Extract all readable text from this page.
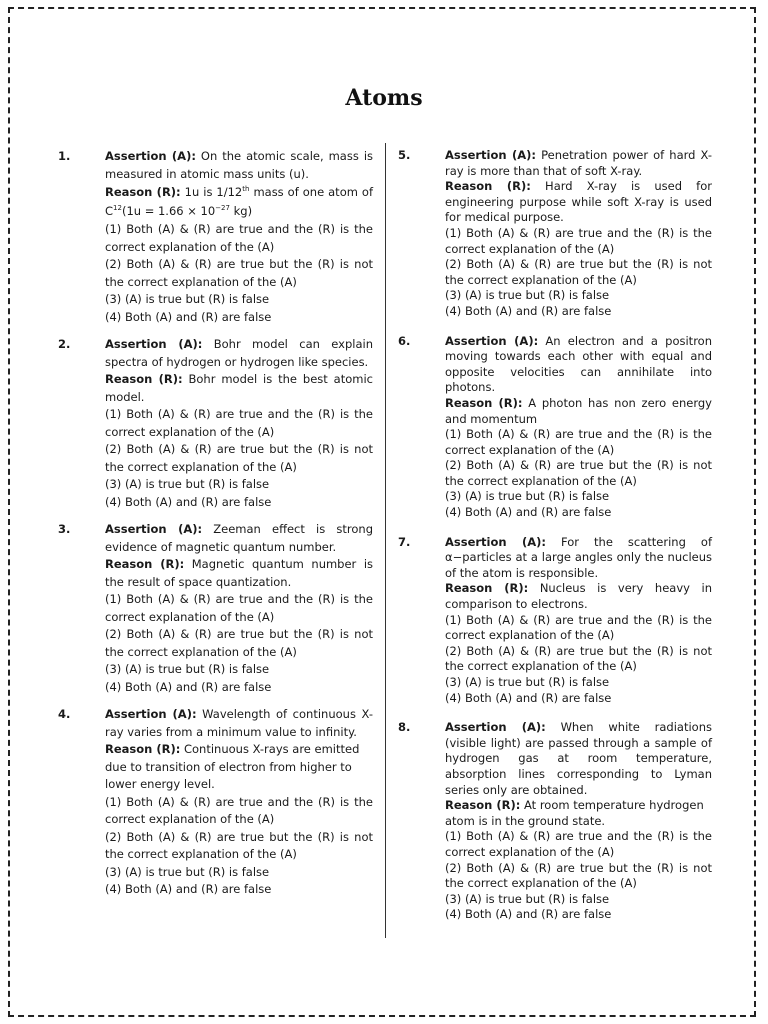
Atoms
1.	Assertion (A): On the atomic scale, mass is measured in atomic mass units (u).

Reason (R): 1u is 1/12th mass of one atom of $C^{12}(1u = 1.66 \times 10^{-27}$ kg)

(1) Both (A) & (R) are true and the (R) is the correct explanation of the (A)

(2) Both (A) & (R) are true but the (R) is not the correct explanation of the (A)

(3) (A) is true but (R) is false

(4) Both (A) and (R) are false

2.	Assertion (A): Bohr model can explain spectra of hydrogen or hydrogen like species.

Reason (R): Bohr model is the best atomic model.

(1) Both (A) & (R) are true and the (R) is the correct explanation of the (A)

(2) Both (A) & (R) are true but the (R) is not the correct explanation of the (A)

(3) (A) is true but (R) is false

(4) Both (A) and (R) are false

3.	Assertion (A): Zeeman effect is strong evidence of magnetic quantum number.

Reason (R): Magnetic quantum number is the result of space quantization.

(1) Both (A) & (R) are true and the (R) is the correct explanation of the (A)

(2) Both (A) & (R) are true but the (R) is not the correct explanation of the (A)

(3) (A) is true but (R) is false

(4) Both (A) and (R) are false

4.	Assertion (A): Wavelength of continuous X-ray varies from a minimum value to infinity.

Reason (R): Continuous X-rays are emitted due to transition of electron from higher to lower energy level.

(1) Both (A) & (R) are true and the (R) is the correct explanation of the (A)

(2) Both (A) & (R) are true but the (R) is not the correct explanation of the (A)

(3) (A) is true but (R) is false

(4) Both (A) and (R) are false

5.	Assertion (A): Penetration power of hard X-ray is more than that of soft X-ray.

Reason (R): Hard X-ray is used for engineering purpose while soft X-ray is used for medical purpose.

(1) Both (A) & (R) are true and the (R) is the correct explanation of the (A)

(2) Both (A) & (R) are true but the (R) is not the correct explanation of the (A)

(3) (A) is true but (R) is false

(4) Both (A) and (R) are false

6.	Assertion (A): An electron and a positron moving towards each other with equal and opposite velocities can annihilate into photons.

Reason (R): A photon has non zero energy and momentum

(1) Both (A) & (R) are true and the (R) is the correct explanation of the (A)

(2) Both (A) & (R) are true but the (R) is not the correct explanation of the (A)

(3) (A) is true but (R) is false

(4) Both (A) and (R) are false

7.	Assertion (A): For the scattering of α−particles at a large angles only the nucleus of the atom is responsible.

Reason (R): Nucleus is very heavy in comparison to electrons.

(1) Both (A) & (R) are true and the (R) is the correct explanation of the (A)

(2) Both (A) & (R) are true but the (R) is not the correct explanation of the (A)

(3) (A) is true but (R) is false

(4) Both (A) and (R) are false

8.	Assertion (A): When white radiations (visible light) are passed through a sample of hydrogen gas at room temperature, absorption lines corresponding to Lyman series only are obtained.

Reason (R): At room temperature hydrogen atom is in the ground state.

(1) Both (A) & (R) are true and the (R) is the correct explanation of the (A)

(2) Both (A) & (R) are true but the (R) is not the correct explanation of the (A)

(3) (A) is true but (R) is false

(4) Both (A) and (R) are false
